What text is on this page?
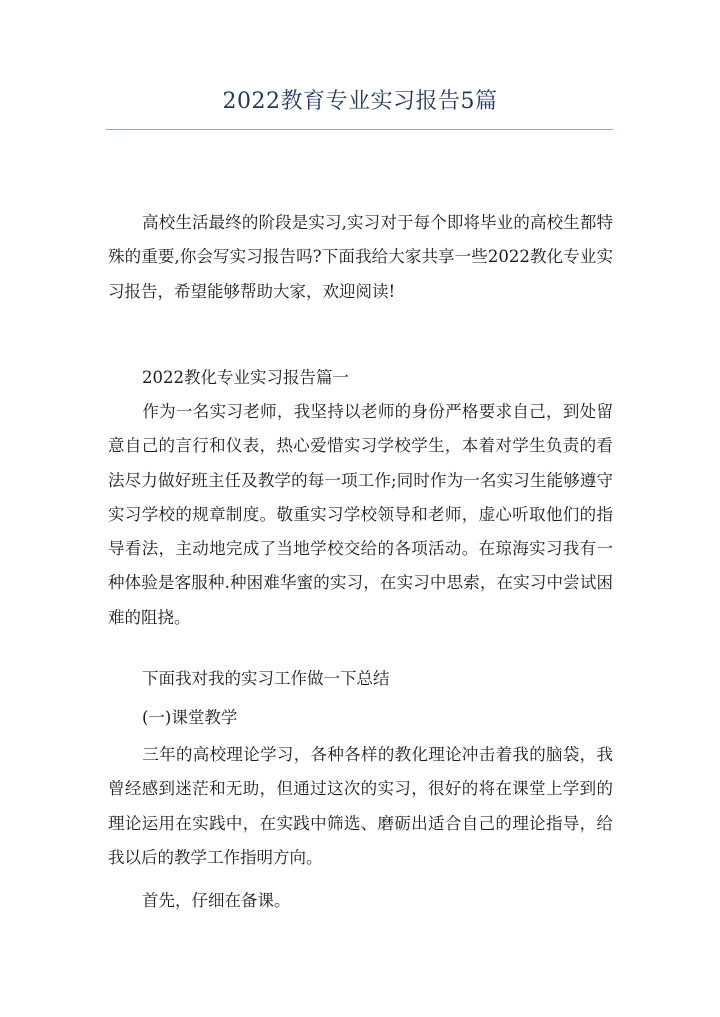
2022教育专业实习报告5篇

高校生活最终的阶段是实习,实习对于每个即将毕业的高校生都特殊的重要,你会写实习报告吗?下面我给大家共享一些2022教化专业实习报告，希望能够帮助大家，欢迎阅读!

2022教化专业实习报告篇一

作为一名实习老师，我坚持以老师的身份严格要求自己，到处留意自己的言行和仪表，热心爱惜实习学校学生，本着对学生负责的看法尽力做好班主任及教学的每一项工作;同时作为一名实习生能够遵守实习学校的规章制度。敬重实习学校领导和老师，虚心听取他们的指导看法，主动地完成了当地学校交给的各项活动。在琼海实习我有一种体验是客服种.种困难华蜜的实习，在实习中思索，在实习中尝试困难的阻挠。

下面我对我的实习工作做一下总结

(一)课堂教学

三年的高校理论学习，各种各样的教化理论冲击着我的脑袋，我曾经感到迷茫和无助，但通过这次的实习，很好的将在课堂上学到的理论运用在实践中，在实践中筛选、磨砺出适合自己的理论指导，给我以后的教学工作指明方向。

首先，仔细在备课。
